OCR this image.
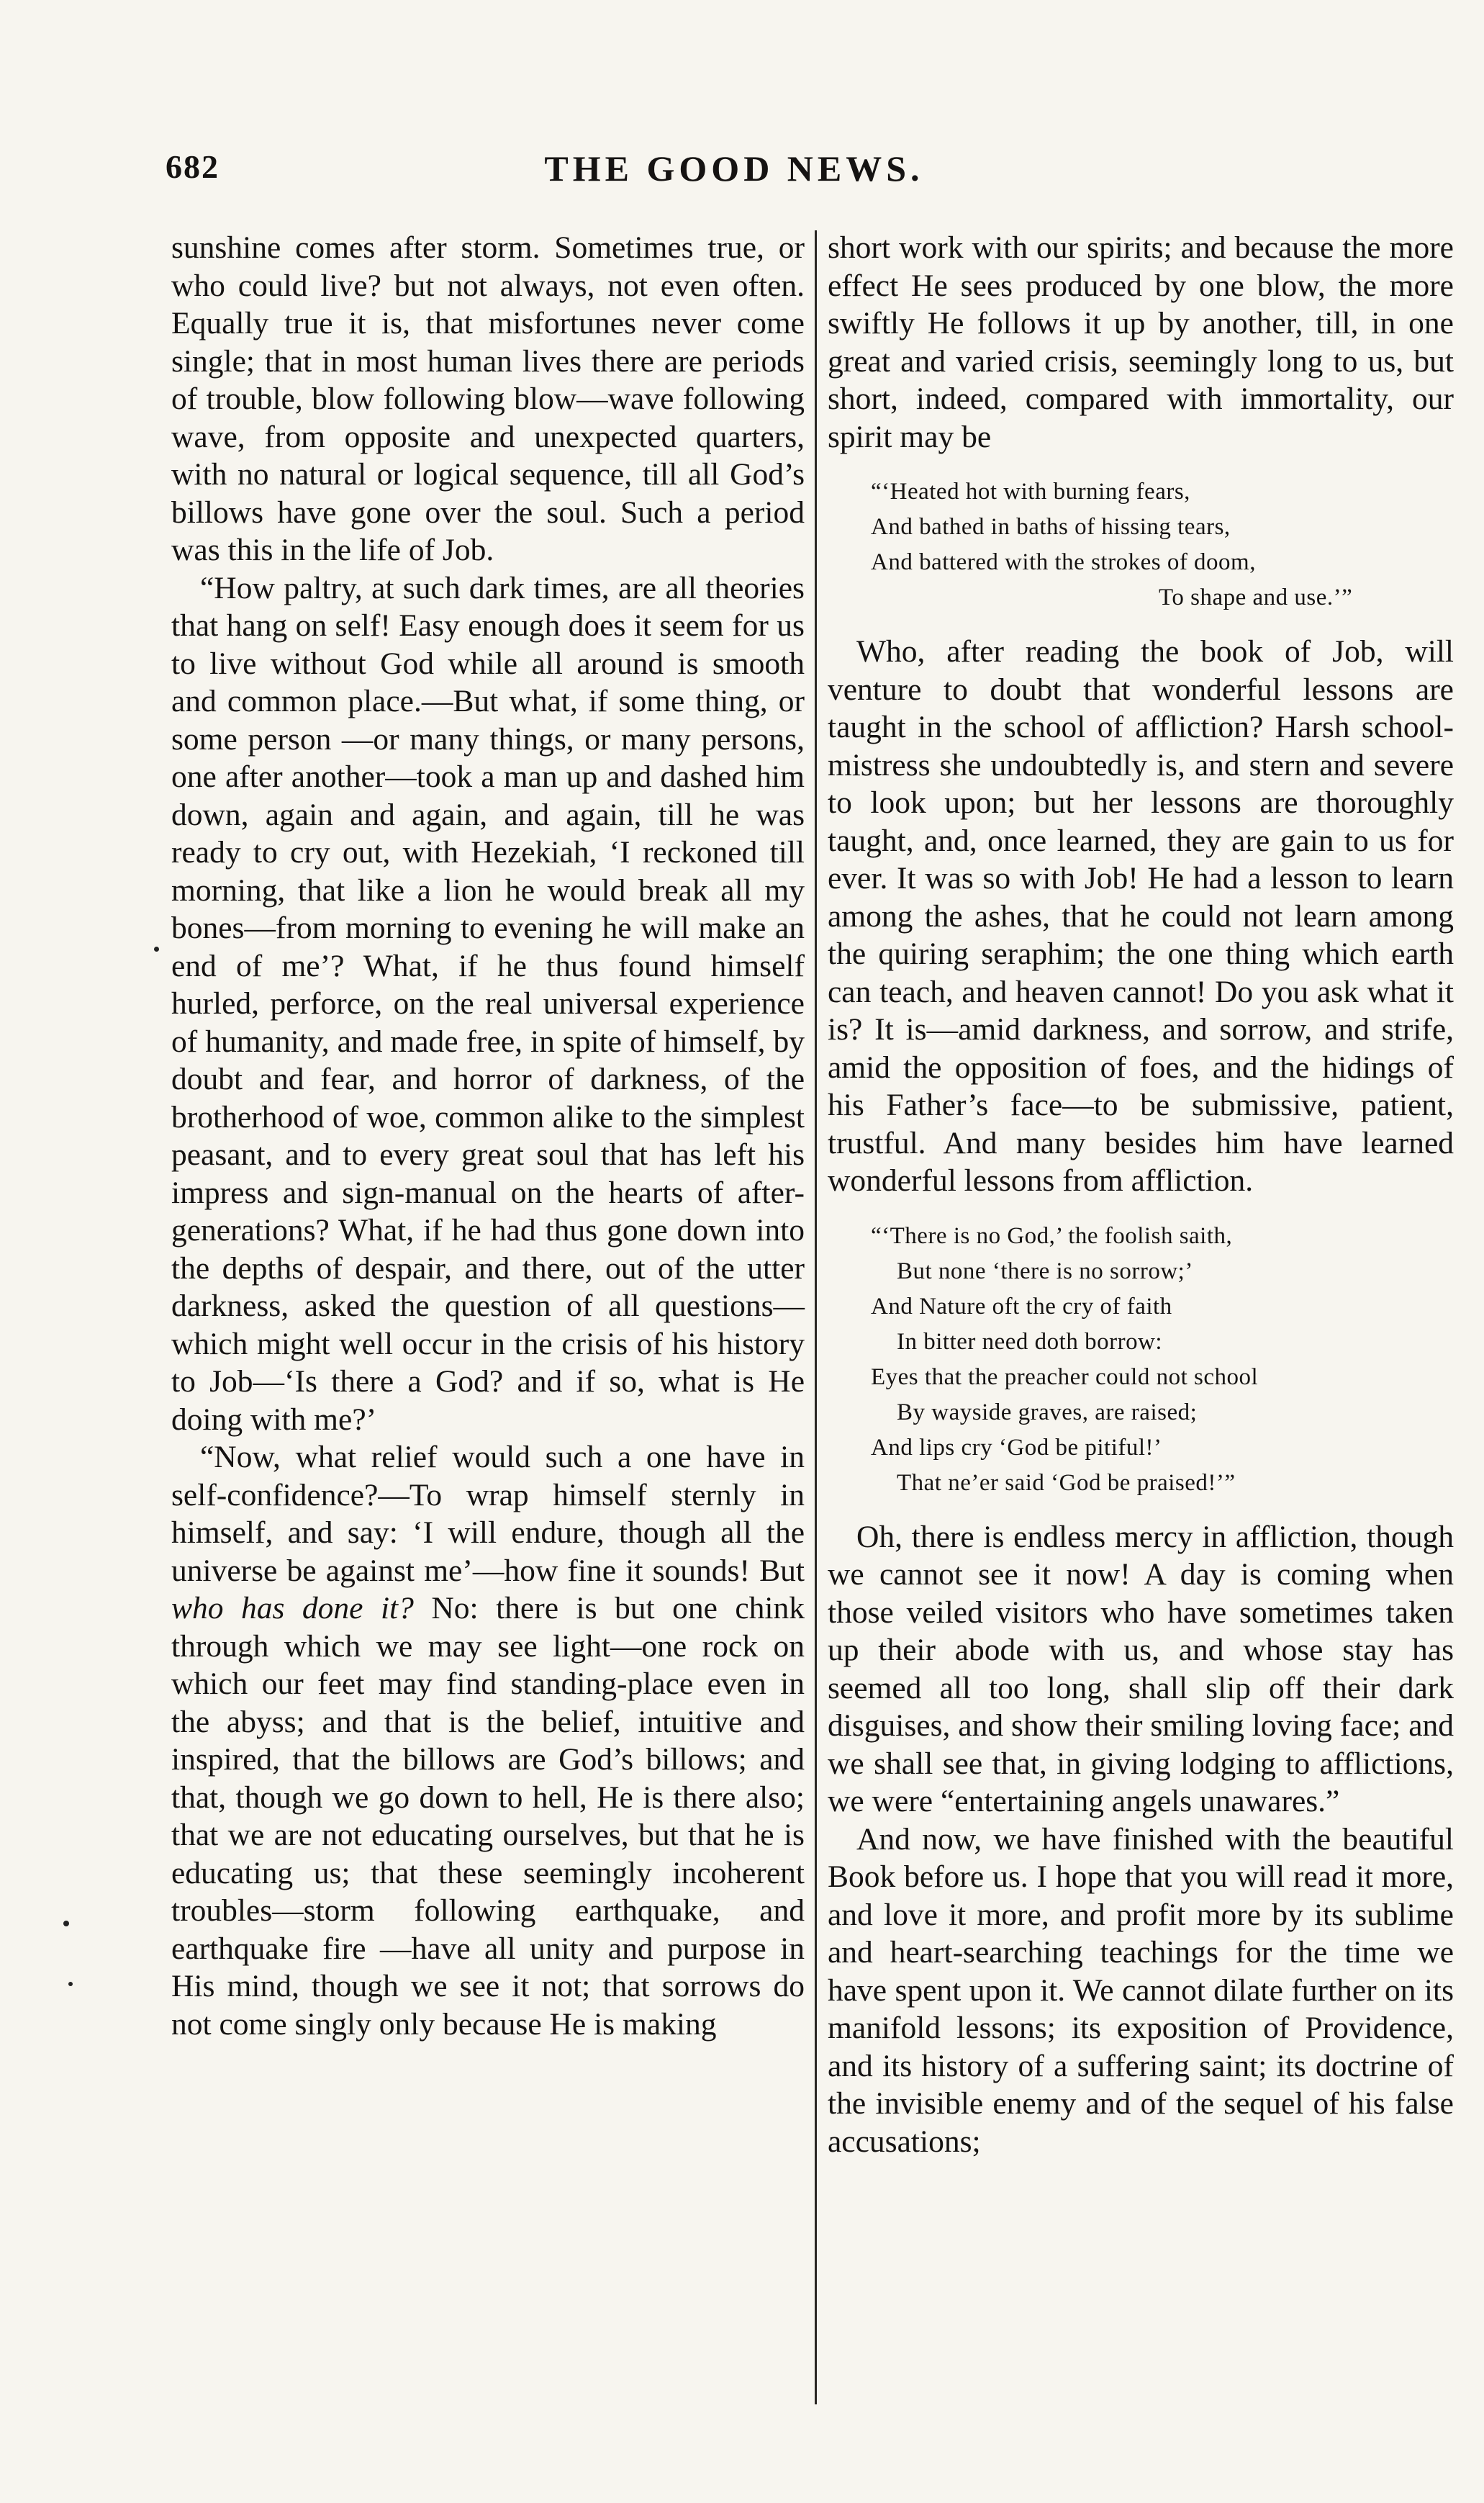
682	THE GOOD NEWS.

sunshine comes after storm. Sometimes true, or who could live? but not always, not even often. Equally true it is, that misfortunes never come single; that in most human lives there are periods of trouble, blow following blow—wave following wave, from opposite and unexpected quarters, with no natural or logical sequence, till all God’s billows have gone over the soul. Such a period was this in the life of Job.

“How paltry, at such dark times, are all theories that hang on self! Easy enough does it seem for us to live without God while all around is smooth and common place.—But what, if some thing, or some person —or many things, or many persons, one after another—took a man up and dashed him down, again and again, and again, till he was ready to cry out, with Hezekiah, ‘I reckoned till morning, that like a lion he would break all my bones—from morning to evening he will make an end of me’? What, if he thus found himself hurled, perforce, on the real universal experience of humanity, and made free, in spite of himself, by doubt and fear, and horror of darkness, of the brotherhood of woe, common alike to the simplest peasant, and to every great soul that has left his impress and sign-manual on the hearts of after-generations? What, if he had thus gone down into the depths of despair, and there, out of the utter darkness, asked the question of all questions—which might well occur in the crisis of his history to Job—‘Is there a God? and if so, what is He doing with me?’

“Now, what relief would such a one have in self-confidence?—To wrap himself sternly in himself, and say: ‘I will endure, though all the universe be against me’—how fine it sounds! But who has done it? No: there is but one chink through which we may see light—one rock on which our feet may find standing-place even in the abyss; and that is the belief, intuitive and inspired, that the billows are God’s billows; and that, though we go down to hell, He is there also; that we are not educating ourselves, but that he is educating us; that these seemingly incoherent troubles—storm following earthquake, and earthquake fire —have all unity and purpose in His mind, though we see it not; that sorrows do not come singly only because He is making

short work with our spirits; and because the more effect He sees produced by one blow, the more swiftly He follows it up by another, till, in one great and varied crisis, seemingly long to us, but short, indeed, compared with immortality, our spirit may be

“‘Heated hot with burning fears,
And bathed in baths of hissing tears,
And battered with the strokes of doom,
To shape and use.’”

Who, after reading the book of Job, will venture to doubt that wonderful lessons are taught in the school of affliction? Harsh school-mistress she undoubtedly is, and stern and severe to look upon; but her lessons are thoroughly taught, and, once learned, they are gain to us for ever. It was so with Job! He had a lesson to learn among the ashes, that he could not learn among the quiring seraphim; the one thing which earth can teach, and heaven cannot! Do you ask what it is? It is—amid darkness, and sorrow, and strife, amid the opposition of foes, and the hidings of his Father’s face—to be submissive, patient, trustful. And many besides him have learned wonderful lessons from affliction.

“‘There is no God,’ the foolish saith,
But none ‘there is no sorrow;’
And Nature oft the cry of faith
In bitter need doth borrow:
Eyes that the preacher could not school
By wayside graves, are raised;
And lips cry ‘God be pitiful!’
That ne’er said ‘God be praised!’”

Oh, there is endless mercy in affliction, though we cannot see it now! A day is coming when those veiled visitors who have sometimes taken up their abode with us, and whose stay has seemed all too long, shall slip off their dark disguises, and show their smiling loving face; and we shall see that, in giving lodging to afflictions, we were “entertaining angels unawares.”

And now, we have finished with the beautiful Book before us. I hope that you will read it more, and love it more, and profit more by its sublime and heart-searching teachings for the time we have spent upon it. We cannot dilate further on its manifold lessons; its exposition of Providence, and its history of a suffering saint; its doctrine of the invisible enemy and of the sequel of his false accusations;
